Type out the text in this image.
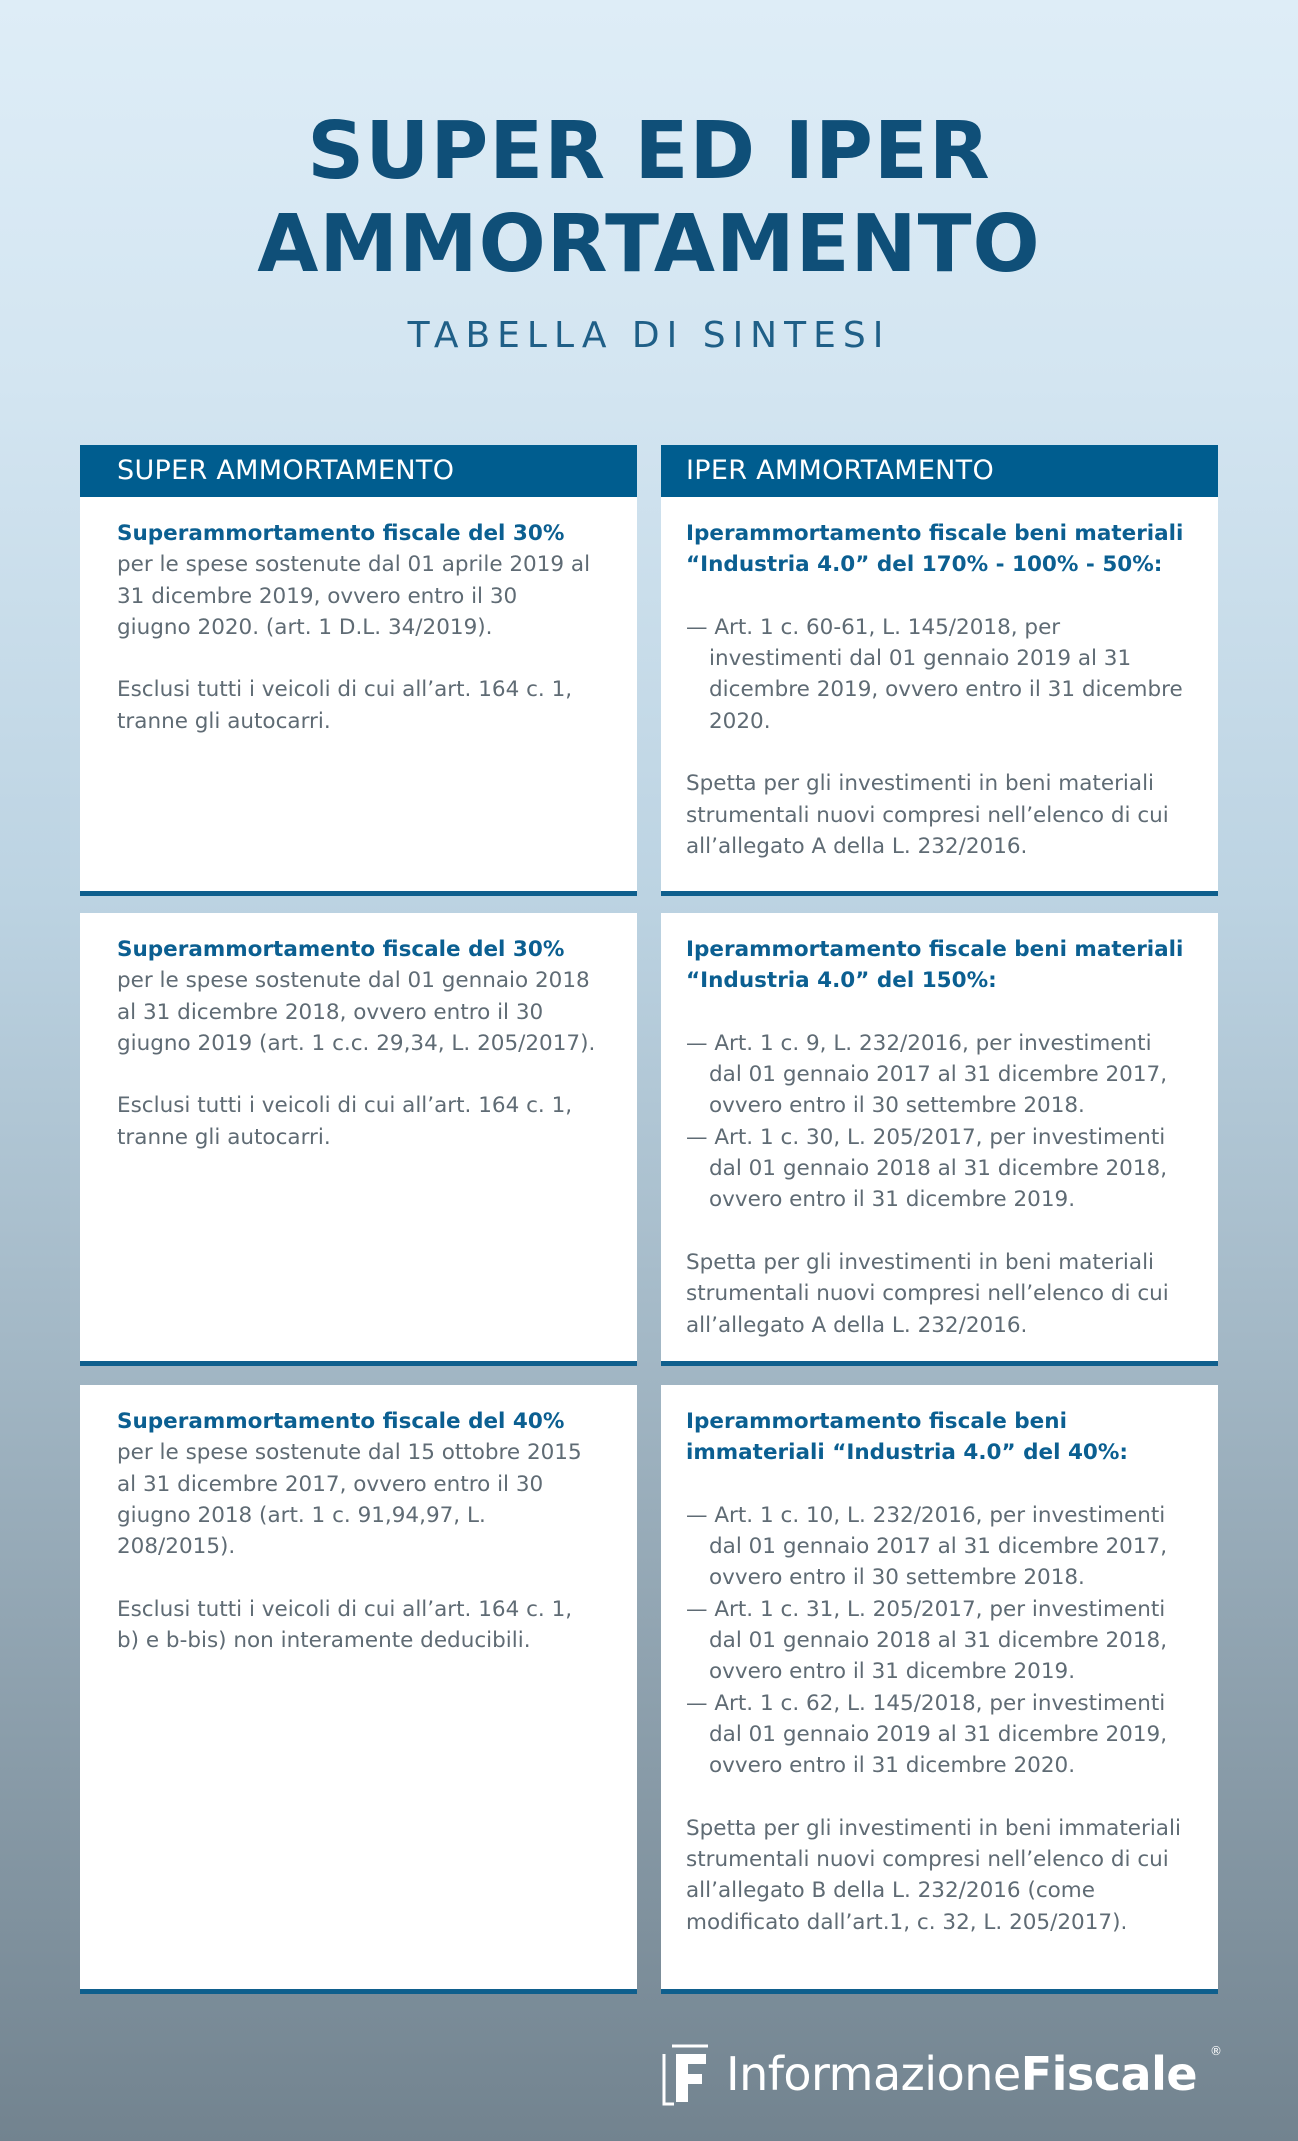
SUPER ED IPER
AMMORTAMENTO
TABELLA DI SINTESI
SUPER AMMORTAMENTO	IPER AMMORTAMENTO

Superammortamento fiscale del 30% per le spese sostenute dal 01 aprile 2019 al 31 dicembre 2019, ovvero entro il 30 giugno 2020. (art. 1 D.L. 34/2019).

Esclusi tutti i veicoli di cui all’art. 164 c. 1, tranne gli autocarri.

Iperammortamento fiscale beni materiali “Industria 4.0” del 170% - 100% - 50%:

— Art. 1 c. 60-61, L. 145/2018, per investimenti dal 01 gennaio 2019 al 31 dicembre 2019, ovvero entro il 31 dicembre 2020.

Spetta per gli investimenti in beni materiali strumentali nuovi compresi nell’elenco di cui all’allegato A della L. 232/2016.

Superammortamento fiscale del 30% per le spese sostenute dal 01 gennaio 2018 al 31 dicembre 2018, ovvero entro il 30 giugno 2019 (art. 1 c.c. 29,34, L. 205/2017).

Esclusi tutti i veicoli di cui all’art. 164 c. 1, tranne gli autocarri.

Iperammortamento fiscale beni materiali “Industria 4.0” del 150%:

— Art. 1 c. 9, L. 232/2016, per investimenti dal 01 gennaio 2017 al 31 dicembre 2017, ovvero entro il 30 settembre 2018.

— Art. 1 c. 30, L. 205/2017, per investimenti dal 01 gennaio 2018 al 31 dicembre 2018, ovvero entro il 31 dicembre 2019.

Spetta per gli investimenti in beni materiali strumentali nuovi compresi nell’elenco di cui all’allegato A della L. 232/2016.

Superammortamento fiscale del 40% per le spese sostenute dal 15 ottobre 2015 al 31 dicembre 2017, ovvero entro il 30 giugno 2018 (art. 1 c. 91,94,97, L. 208/2015).

Esclusi tutti i veicoli di cui all’art. 164 c. 1, b) e b-bis) non interamente deducibili.

Iperammortamento fiscale beni immateriali “Industria 4.0” del 40%:

— Art. 1 c. 10, L. 232/2016, per investimenti dal 01 gennaio 2017 al 31 dicembre 2017, ovvero entro il 30 settembre 2018.

— Art. 1 c. 31, L. 205/2017, per investimenti dal 01 gennaio 2018 al 31 dicembre 2018, ovvero entro il 31 dicembre 2019.

— Art. 1 c. 62, L. 145/2018, per investimenti dal 01 gennaio 2019 al 31 dicembre 2019, ovvero entro il 31 dicembre 2020.

Spetta per gli investimenti in beni immateriali strumentali nuovi compresi nell’elenco di cui all’allegato B della L. 232/2016 (come modificato dall’art.1, c. 32, L. 205/2017).

InformazioneFiscale ®
